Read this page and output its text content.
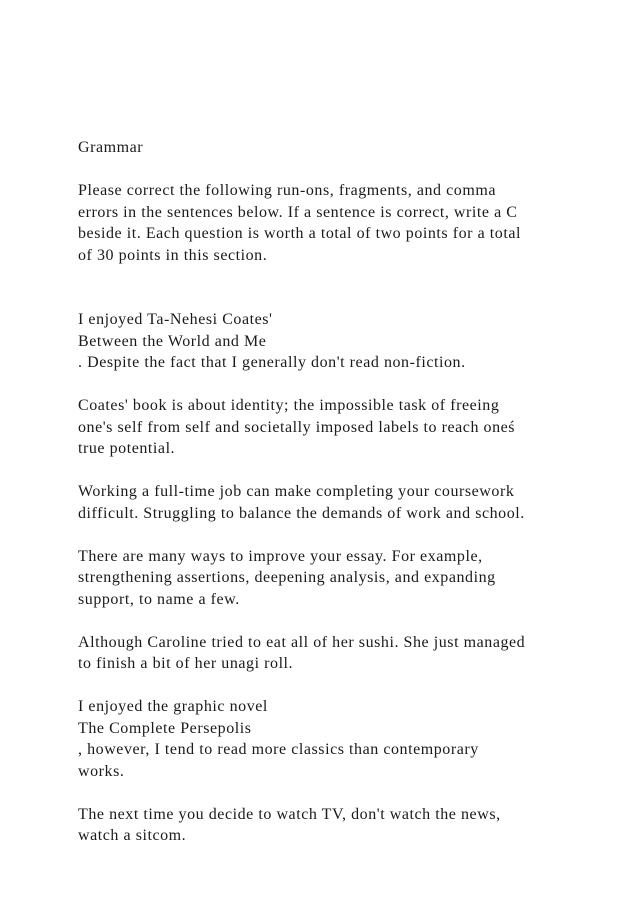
Grammar
Please correct the following run-ons, fragments, and comma
errors in the sentences below. If a sentence is correct, write a C
beside it. Each question is worth a total of two points for a total
of 30 points in this section.
I enjoyed Ta-Nehesi Coates'
Between the World and Me
. Despite the fact that I generally don't read non-fiction.
Coates' book is about identity; the impossible task of freeing
one's self from self and societally imposed labels to reach oneś
true potential.
Working a full-time job can make completing your coursework
difficult. Struggling to balance the demands of work and school.
There are many ways to improve your essay. For example,
strengthening assertions, deepening analysis, and expanding
support, to name a few.
Although Caroline tried to eat all of her sushi. She just managed
to finish a bit of her unagi roll.
I enjoyed the graphic novel
The Complete Persepolis
, however, I tend to read more classics than contemporary
works.
The next time you decide to watch TV, don't watch the news,
watch a sitcom.
